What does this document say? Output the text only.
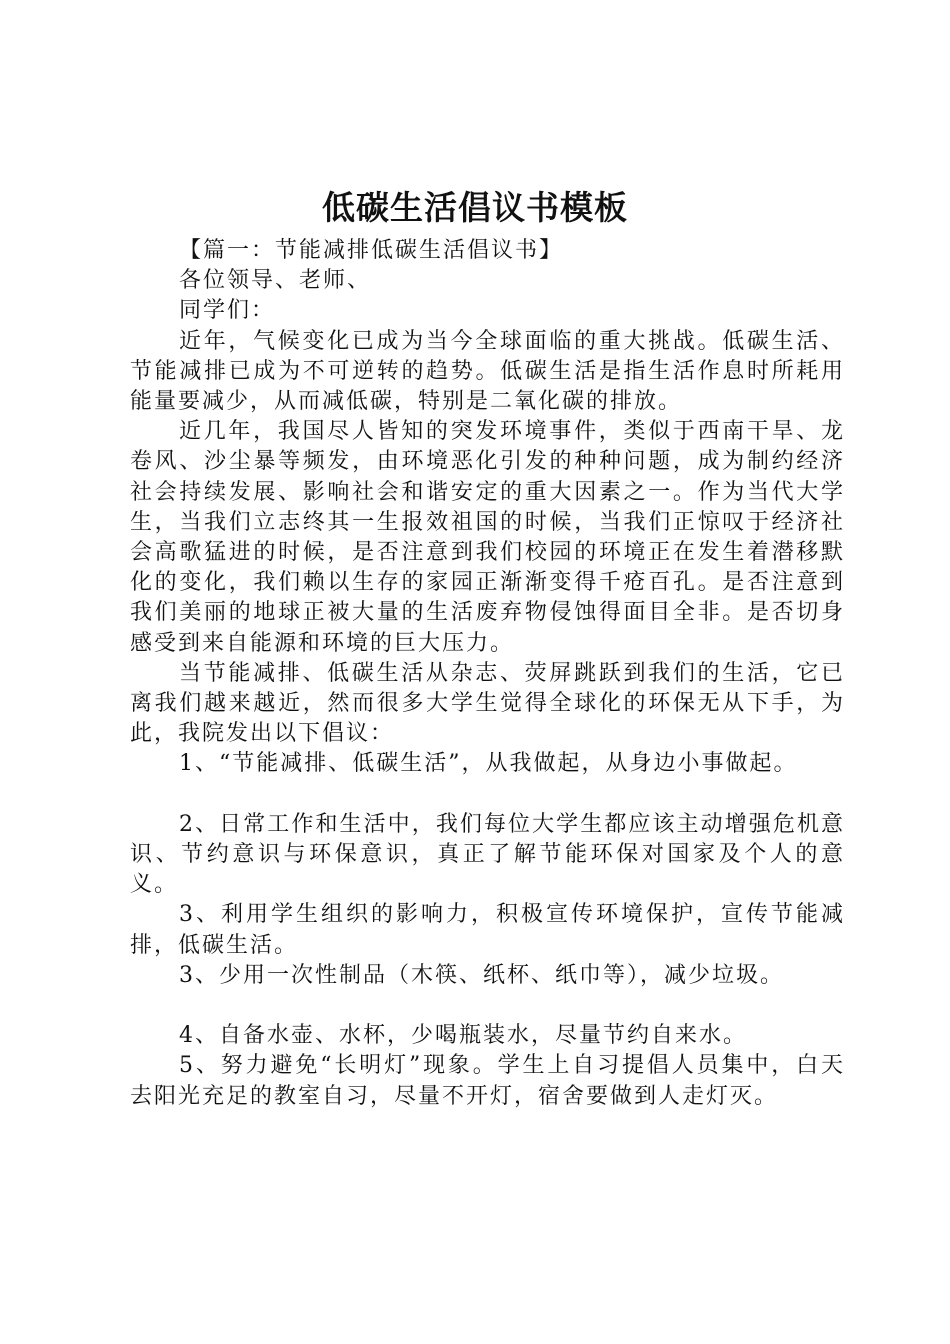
低碳生活倡议书模板

【篇一：节能减排低碳生活倡议书】

各位领导、老师、

同学们：

近年，气候变化已成为当今全球面临的重大挑战。低碳生活、节能减排已成为不可逆转的趋势。低碳生活是指生活作息时所耗用能量要减少，从而减低碳，特别是二氧化碳的排放。

近几年，我国尽人皆知的突发环境事件，类似于西南干旱、龙卷风、沙尘暴等频发，由环境恶化引发的种种问题，成为制约经济社会持续发展、影响社会和谐安定的重大因素之一。作为当代大学生，当我们立志终其一生报效祖国的时候，当我们正惊叹于经济社会高歌猛进的时候，是否注意到我们校园的环境正在发生着潜移默化的变化，我们赖以生存的家园正渐渐变得千疮百孔。是否注意到我们美丽的地球正被大量的生活废弃物侵蚀得面目全非。是否切身感受到来自能源和环境的巨大压力。

当节能减排、低碳生活从杂志、荧屏跳跃到我们的生活，它已离我们越来越近，然而很多大学生觉得全球化的环保无从下手，为此，我院发出以下倡议：

1、“节能减排、低碳生活”，从我做起，从身边小事做起。

2、日常工作和生活中，我们每位大学生都应该主动增强危机意识、节约意识与环保意识，真正了解节能环保对国家及个人的意义。

3、利用学生组织的影响力，积极宣传环境保护，宣传节能减排，低碳生活。

3、少用一次性制品（木筷、纸杯、纸巾等），减少垃圾。

4、自备水壶、水杯，少喝瓶装水，尽量节约自来水。

5、努力避免“长明灯”现象。学生上自习提倡人员集中，白天去阳光充足的教室自习，尽量不开灯，宿舍要做到人走灯灭。
